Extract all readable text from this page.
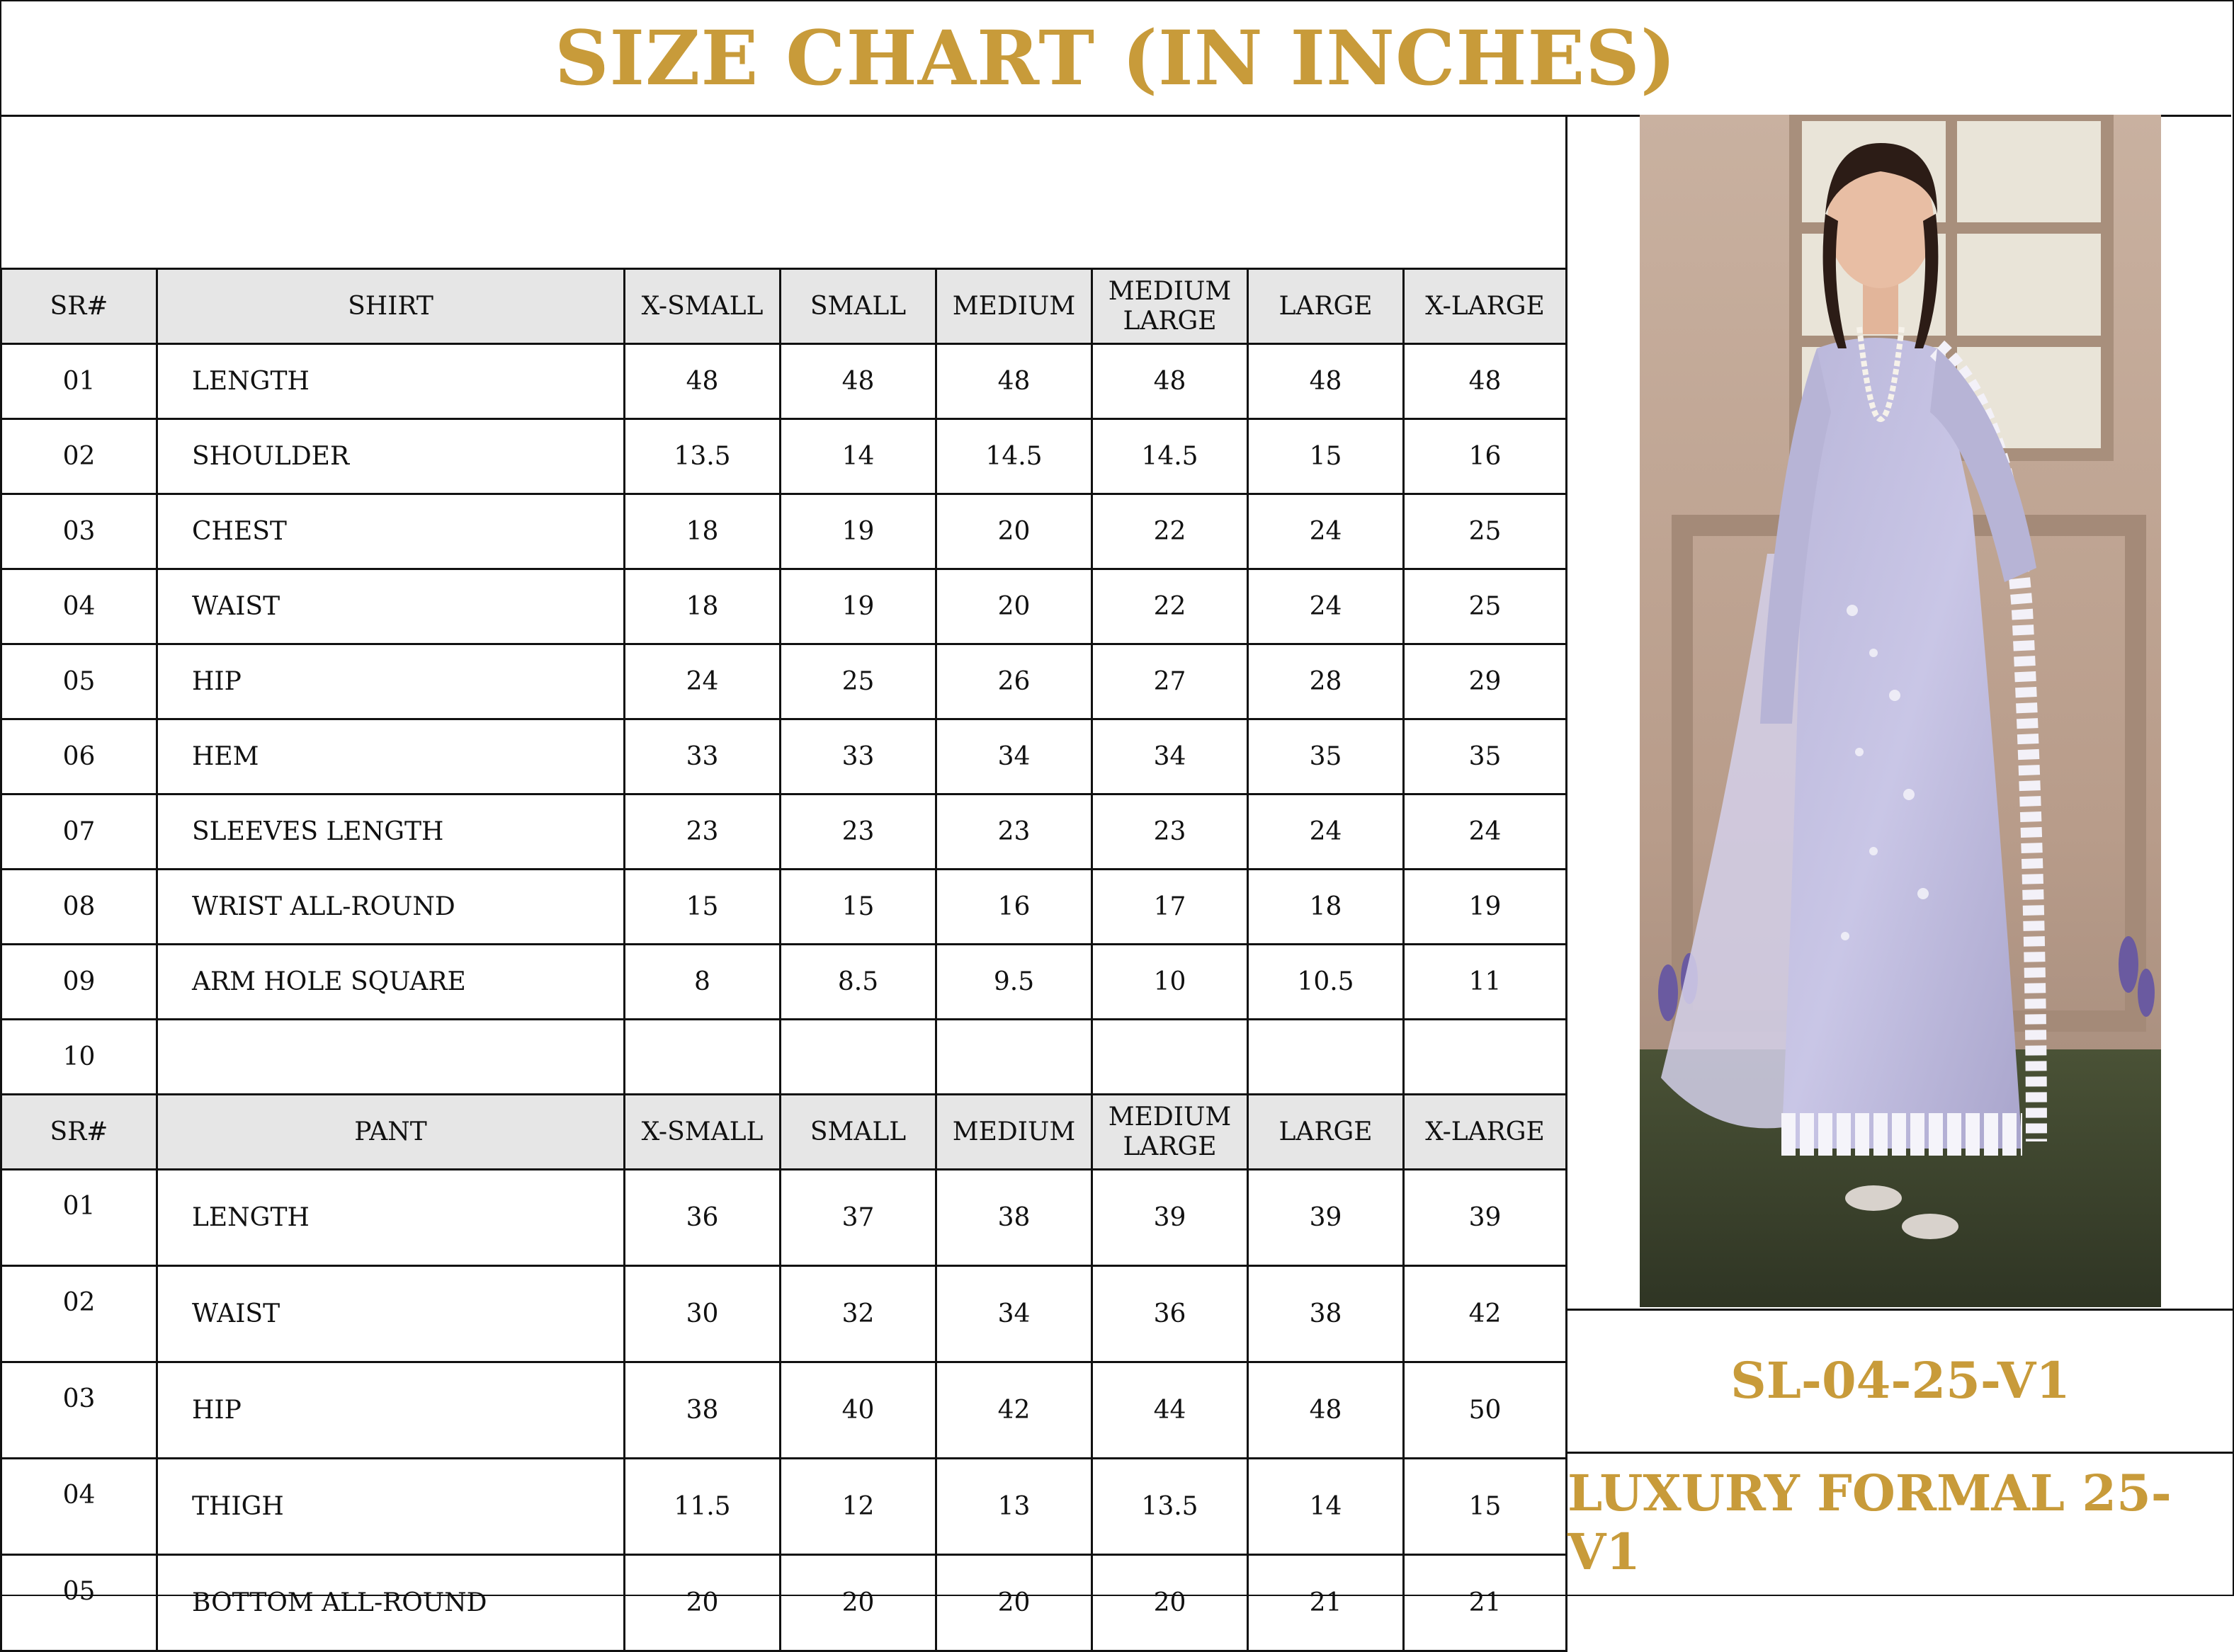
SIZE CHART (IN INCHES)
SR#	SHIRT	X-SMALL	SMALL	MEDIUM	MEDIUM LARGE	LARGE	X-LARGE
01	LENGTH	48	48	48	48	48	48
02	SHOULDER	13.5	14	14.5	14.5	15	16
03	CHEST	18	19	20	22	24	25
04	WAIST	18	19	20	22	24	25
05	HIP	24	25	26	27	28	29
06	HEM	33	33	34	34	35	35
07	SLEEVES LENGTH	23	23	23	23	24	24
08	WRIST ALL-ROUND	15	15	16	17	18	19
09	ARM HOLE SQUARE	8	8.5	9.5	10	10.5	11
10							
SR#	PANT	X-SMALL	SMALL	MEDIUM	MEDIUM LARGE	LARGE	X-LARGE
01	LENGTH	36	37	38	39	39	39
02	WAIST	30	32	34	36	38	42
03	HIP	38	40	42	44	48	50
04	THIGH	11.5	12	13	13.5	14	15
05	BOTTOM ALL-ROUND	20	20	20	20	21	21
SL-04-25-V1
LUXURY FORMAL 25-V1
